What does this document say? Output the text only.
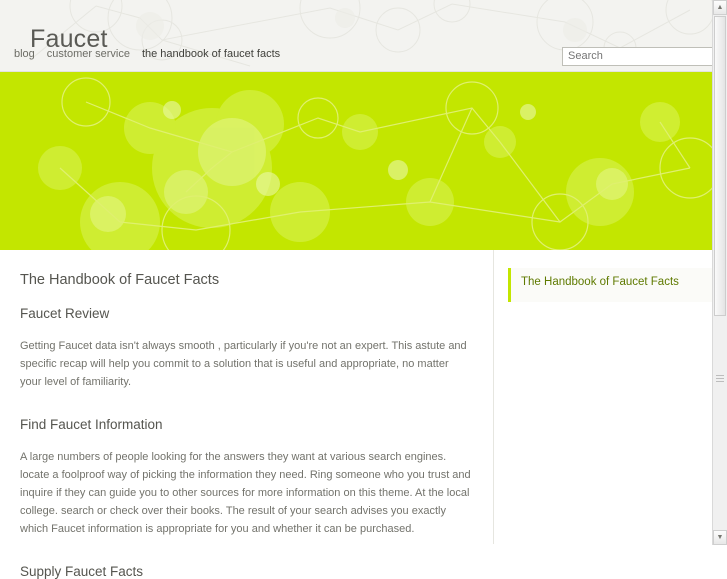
Faucet
blog customer service the handbook of faucet facts
Search
The Handbook of Faucet Facts
Faucet Review

Getting Faucet data isn't always smooth , particularly if you're not an expert. This astute and specific recap will help you commit to a solution that is useful and appropriate, no matter your level of familiarity.

Find Faucet Information

A large numbers of people looking for the answers they want at various search engines. locate a foolproof way of picking the information they need. Ring someone who you trust and inquire if they can guide you to other sources for more information on this theme. At the local college. search or check over their books. The result of your search advises you exactly which Faucet information is appropriate for you and whether it can be purchased.

Supply Faucet Facts
The Handbook of Faucet Facts
▲
▼
